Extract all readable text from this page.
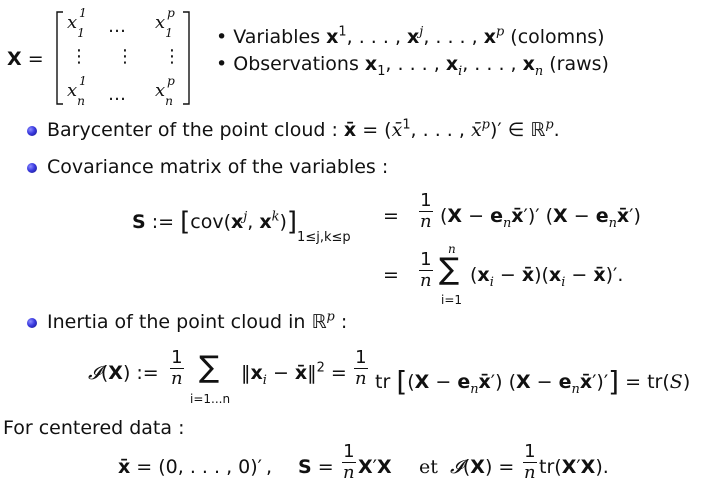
X =
$x_1^1$
… $x_1^p$
⋮ ⋮ ⋮
$x_n^1$
… $x_n^p$
• Variables $x^1$, . . . , $x^j$, . . . , $x^p$ (colomns)
• Observations $x_1$, . . . , $x_i$, . . . , $x_n$ (raws)
Barycenter of the point cloud : x̄ = (x̄$^1$, . . . , x̄$^p$)′ ∈ ℝ$^p$.
Covariance matrix of the variables :
S := [$cov(x^j$, $x^k)]_{1\le j,k\le p}$
= $\frac{1}{n} (X$ − $e_nx̄')'$ $(X - e_nx̄')$
= $\frac{1}{n}$
n
∑
i=1
($x_i$ − $x̄)(x_i$ − x̄)′.
Inertia of the point cloud in ℝ$^p$ :
𝓘(X) := $\frac{1}{n}$ ∑
i=1...n
$‖x_i$ − x̄‖$^2$ = $\frac{1}{n}$ tr [$(X - e_nx̄')$ $(X - e_nx̄')'] = tr(S)$
For centered data :
x̄ = (0, . . . , 0)′ , $S = \frac{1}{n} X'X$ et 𝓘(X) = $\frac{1}{n} tr(X'X)$.
